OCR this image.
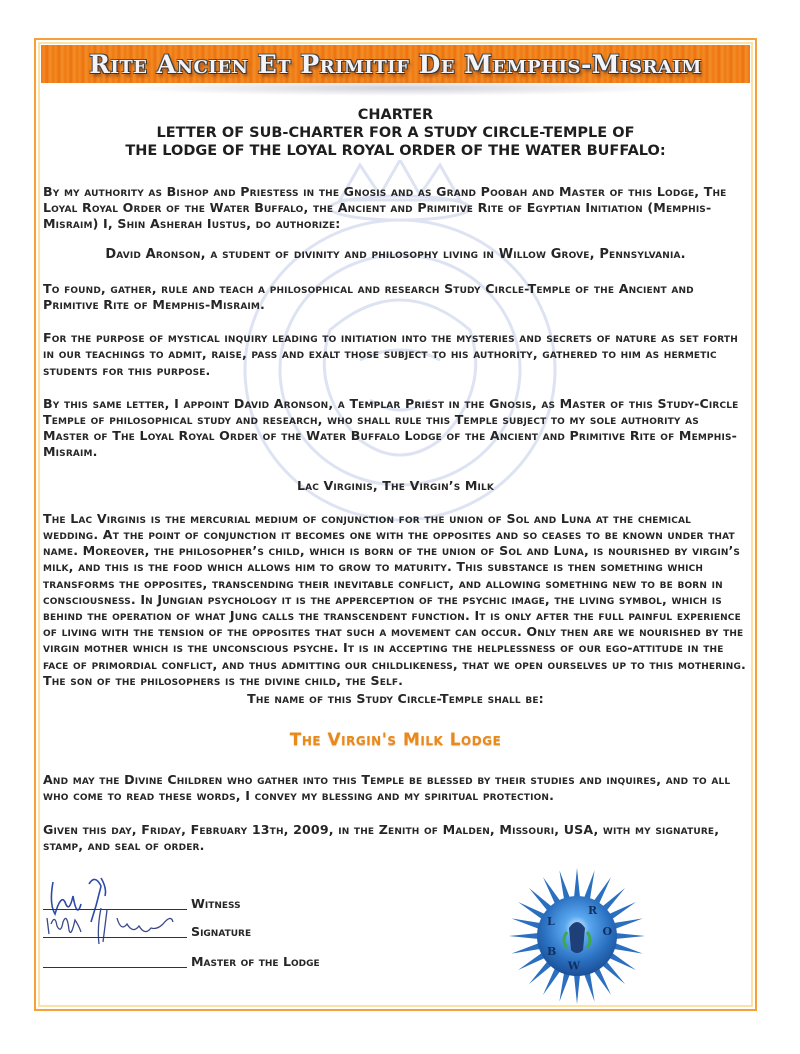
Rite Ancien Et Primitif De Memphis-Misraim
CHARTER
LETTER OF SUB-CHARTER FOR A STUDY CIRCLE-TEMPLE OF
THE LODGE OF THE LOYAL ROYAL ORDER OF THE WATER BUFFALO:

By my authority as Bishop and Priestess in the Gnosis and as Grand Poobah and Master of this Lodge, The Loyal Royal Order of the Water Buffalo, the Ancient and Primitive Rite of Egyptian Initiation (Memphis-Misraim) I, Shin Asherah Iustus, do authorize:

David Aronson, a student of divinity and philosophy living in Willow Grove, Pennsylvania.

To found, gather, rule and teach a philosophical and research Study Circle-Temple of the Ancient and Primitive Rite of Memphis-Misraim.

For the purpose of mystical inquiry leading to initiation into the mysteries and secrets of nature as set forth in our teachings to admit, raise, pass and exalt those subject to his authority, gathered to him as hermetic students for this purpose.

By this same letter, I appoint David Aronson, a Templar Priest in the Gnosis, as Master of this Study-Circle Temple of philosophical study and research, who shall rule this Temple subject to my sole authority as Master of The Loyal Royal Order of the Water Buffalo Lodge of the Ancient and Primitive Rite of Memphis-Misraim.

Lac Virginis, The Virgin’s Milk

The Lac Virginis is the mercurial medium of conjunction for the union of Sol and Luna at the chemical wedding. At the point of conjunction it becomes one with the opposites and so ceases to be known under that name. Moreover, the philosopher’s child, which is born of the union of Sol and Luna, is nourished by virgin’s milk, and this is the food which allows him to grow to maturity. This substance is then something which transforms the opposites, transcending their inevitable conflict, and allowing something new to be born in consciousness. In Jungian psychology it is the apperception of the psychic image, the living symbol, which is behind the operation of what Jung calls the transcendent function. It is only after the full painful experience of living with the tension of the opposites that such a movement can occur. Only then are we nourished by the virgin mother which is the unconscious psyche. It is in accepting the helplessness of our ego-attitude in the face of primordial conflict, and thus admitting our childlikeness, that we open ourselves up to this mothering. The son of the philosophers is the divine child, the Self.

The name of this Study Circle-Temple shall be:

The Virgin's Milk Lodge

And may the Divine Children who gather into this Temple be blessed by their studies and inquires, and to all who come to read these words, I convey my blessing and my spiritual protection.

Given this day, Friday, February 13th, 2009, in the Zenith of Malden, Missouri, USA, with my signature, stamp, and seal of order.

Witness
Signature
Master of the Lodge
L
R
O
W
B
